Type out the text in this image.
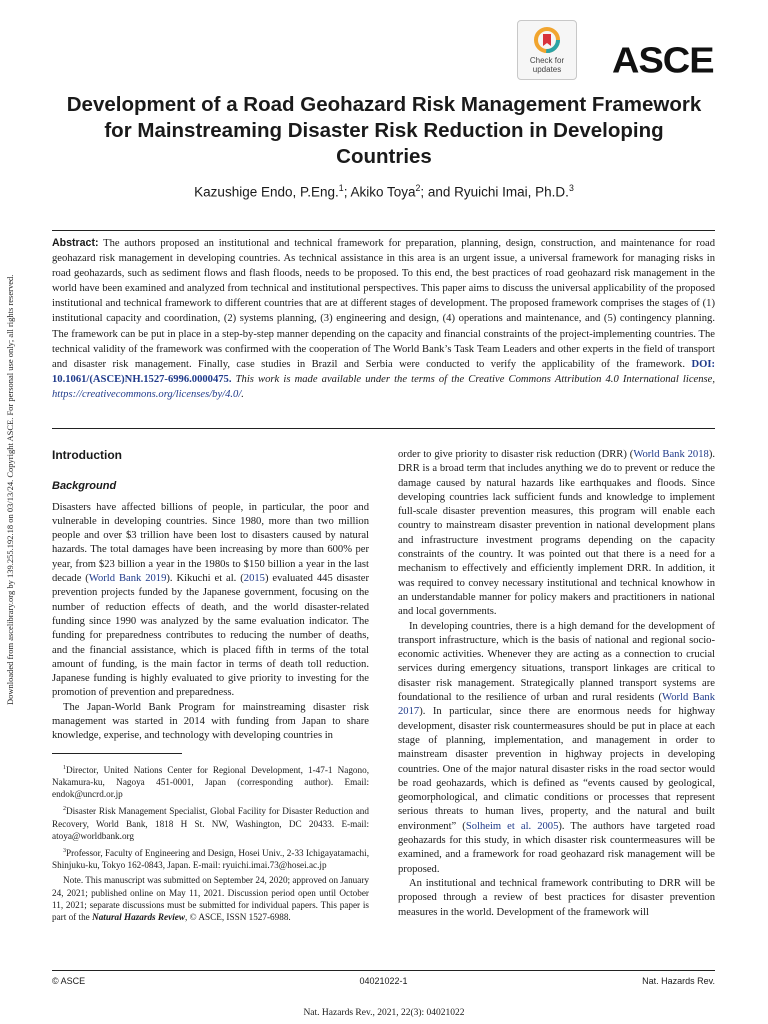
Downloaded from ascelibrary.org by 139.255.192.18 on 03/13/24. Copyright ASCE. For personal use only; all rights reserved.
Check for
updates	ASCE
Development of a Road Geohazard Risk Management Framework for Mainstreaming Disaster Risk Reduction in Developing Countries
Kazushige Endo, P.Eng.$^1$; Akiko Toya$^2$; and Ryuichi Imai, Ph.D.$^3$

Abstract: The authors proposed an institutional and technical framework for preparation, planning, design, construction, and maintenance for road geohazard risk management in developing countries. As technical assistance in this area is an urgent issue, a universal framework for managing risks in road geohazards, such as sediment flows and flash floods, needs to be proposed. To this end, the best practices of road geohazard risk management in the world have been examined and analyzed from technical and institutional perspectives. This paper aims to discuss the universal applicability of the proposed institutional and technical framework to different countries that are at different stages of development. The proposed framework comprises the stages of (1) institutional capacity and coordination, (2) systems planning, (3) engineering and design, (4) operations and maintenance, and (5) contingency planning. The framework can be put in place in a step-by-step manner depending on the capacity and financial constraints of the project-implementing countries. The technical validity of the framework was confirmed with the cooperation of The World Bank’s Task Team Leaders and other experts in the field of transport and disaster risk management. Finally, case studies in Brazil and Serbia were conducted to verify the applicability of the framework. DOI: 10.1061/(ASCE)NH.1527-6996.0000475. This work is made available under the terms of the Creative Commons Attribution 4.0 International license, https://creativecommons.org/licenses/by/4.0/.

Introduction
Background

Disasters have affected billions of people, in particular, the poor and vulnerable in developing countries. Since 1980, more than two million people and over $3 trillion have been lost to disasters caused by natural hazards. The total damages have been increasing by more than 600% per year, from $23 billion a year in the 1980s to $150 billion a year in the last decade (World Bank 2019). Kikuchi et al. (2015) evaluated 445 disaster prevention projects funded by the Japanese government, focusing on the number of reduction effects of death, and the world disaster-related funding since 1990 was analyzed by the same evaluation indicator. The funding for preparedness contributes to reducing the number of deaths, and the financial assistance, which is placed fifth in terms of the total amount of funding, is the main factor in terms of death toll reduction. Japanese funding is highly evaluated to give priority to investing for the promotion of prevention and preparedness.

The Japan-World Bank Program for mainstreaming disaster risk management was started in 2014 with funding from Japan to share knowledge, experise, and technology with developing countries in

$^1$Director, United Nations Center for Regional Development, 1-47-1 Nagono, Nakamura-ku, Nagoya 451-0001, Japan (corresponding author). Email: endok@uncrd.or.jp

$^2$Disaster Risk Management Specialist, Global Facility for Disaster Reduction and Recovery, World Bank, 1818 H St. NW, Washington, DC 20433. E-mail: atoya@worldbank.org

$^3$Professor, Faculty of Engineering and Design, Hosei Univ., 2-33 Ichigayatamachi, Shinjuku-ku, Tokyo 162-0843, Japan. E-mail: ryuichi.imai.73@hosei.ac.jp

Note. This manuscript was submitted on September 24, 2020; approved on January 24, 2021; published online on May 11, 2021. Discussion period open until October 11, 2021; separate discussions must be submitted for individual papers. This paper is part of the Natural Hazards Review, © ASCE, ISSN 1527-6988.

order to give priority to disaster risk reduction (DRR) (World Bank 2018). DRR is a broad term that includes anything we do to prevent or reduce the damage caused by natural hazards like earthquakes and floods. Since developing countries lack sufficient funds and knowledge to implement full-scale disaster prevention measures, this program will enable each country to mainstream disaster prevention in national development plans and infrastructure investment programs depending on the capacity constraints of the country. It was pointed out that there is a need for a mechanism to effectively and efficiently implement DRR. In addition, it was required to convey necessary institutional and technical knowhow in an understandable manner for policy makers and practitioners in national and local governments.

In developing countries, there is a high demand for the development of transport infrastructure, which is the basis of national and regional socio-economic activities. Whenever they are acting as a connection to crucial services during emergency situations, transport linkages are critical to disaster risk management. Strategically planned transport systems are foundational to the resilience of urban and rural residents (World Bank 2017). In particular, since there are enormous needs for highway development, disaster risk countermeasures should be put in place at each stage of planning, implementation, and management in order to mainstream disaster prevention in highway projects in developing countries. One of the major natural disaster risks in the road sector would be road geohazards, which is defined as “events caused by geological, geomorphological, and climatic conditions or processes that represent serious threats to human lives, property, and the natural and built environment” (Solheim et al. 2005). The authors have targeted road geohazards for this study, in which disaster risk countermeasures will be examined, and a framework for road geohazard risk management will be proposed.

An institutional and technical framework contributing to DRR will be proposed through a review of best practices for disaster prevention measures in the world. Development of the framework will

© ASCE	04021022-1	Nat. Hazards Rev.
Nat. Hazards Rev., 2021, 22(3): 04021022
